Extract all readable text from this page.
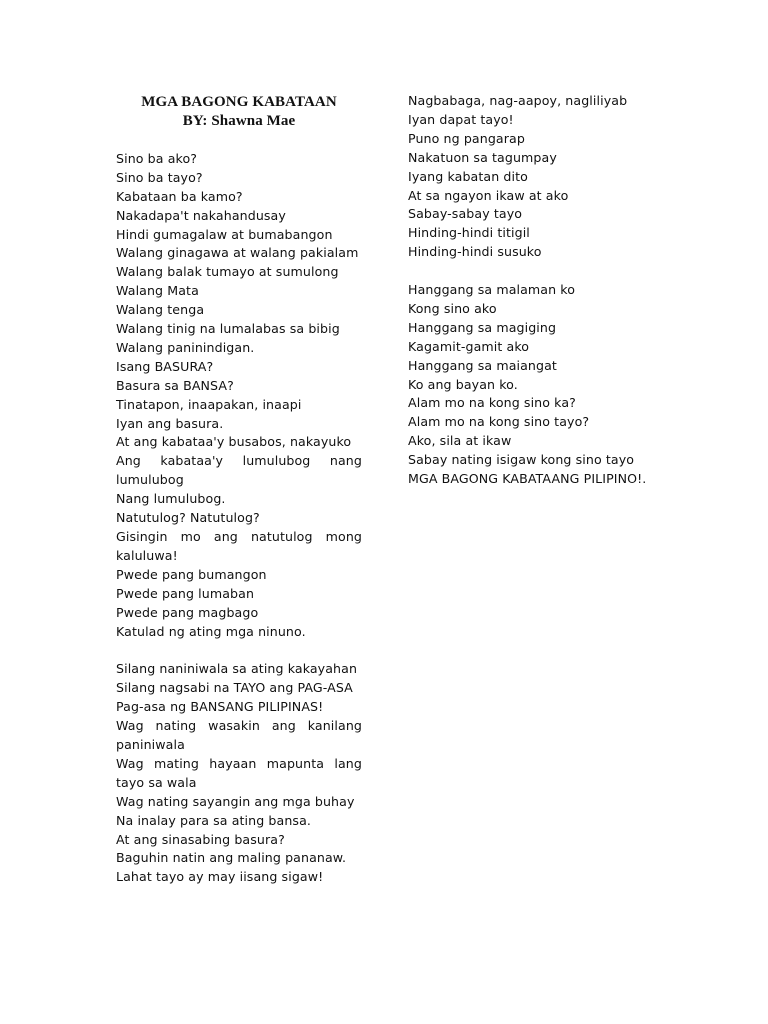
MGA BAGONG KABATAAN
BY: Shawna Mae
Sino ba ako?
Sino ba tayo?
Kabataan ba kamo?
Nakadapa't nakahandusay
Hindi gumagalaw at bumabangon
Walang ginagawa at walang pakialam
Walang balak tumayo at sumulong
Walang Mata
Walang tenga
Walang tinig na lumalabas sa bibig
Walang paninindigan.
Isang BASURA?
Basura sa BANSA?
Tinatapon, inaapakan, inaapi
Iyan ang basura.
At ang kabataa'y busabos, nakayuko
Ang kabataa'y lumulubog nang lumulubog
Nang lumulubog.
Natutulog? Natutulog?
Gisingin mo ang natutulog mong kaluluwa!
Pwede pang bumangon
Pwede pang lumaban
Pwede pang magbago
Katulad ng ating mga ninuno.
Silang naniniwala sa ating kakayahan
Silang nagsabi na TAYO ang PAG-ASA
Pag-asa ng BANSANG PILIPINAS!
Wag nating wasakin ang kanilang paniniwala
Wag mating hayaan mapunta lang tayo sa wala
Wag nating sayangin ang mga buhay
Na inalay para sa ating bansa.
At ang sinasabing basura?
Baguhin natin ang maling pananaw.
Lahat tayo ay may iisang sigaw!
Nagbabaga, nag-aapoy, nagliliyab
Iyan dapat tayo!
Puno ng pangarap
Nakatuon sa tagumpay
Iyang kabatan dito
At sa ngayon ikaw at ako
Sabay-sabay tayo
Hinding-hindi titigil
Hinding-hindi susuko
Hanggang sa malaman ko
Kong sino ako
Hanggang sa magiging
Kagamit-gamit ako
Hanggang sa maiangat
Ko ang bayan ko.
Alam mo na kong sino ka?
Alam mo na kong sino tayo?
Ako, sila at ikaw
Sabay nating isigaw kong sino tayo
MGA BAGONG KABATAANG PILIPINO!.
